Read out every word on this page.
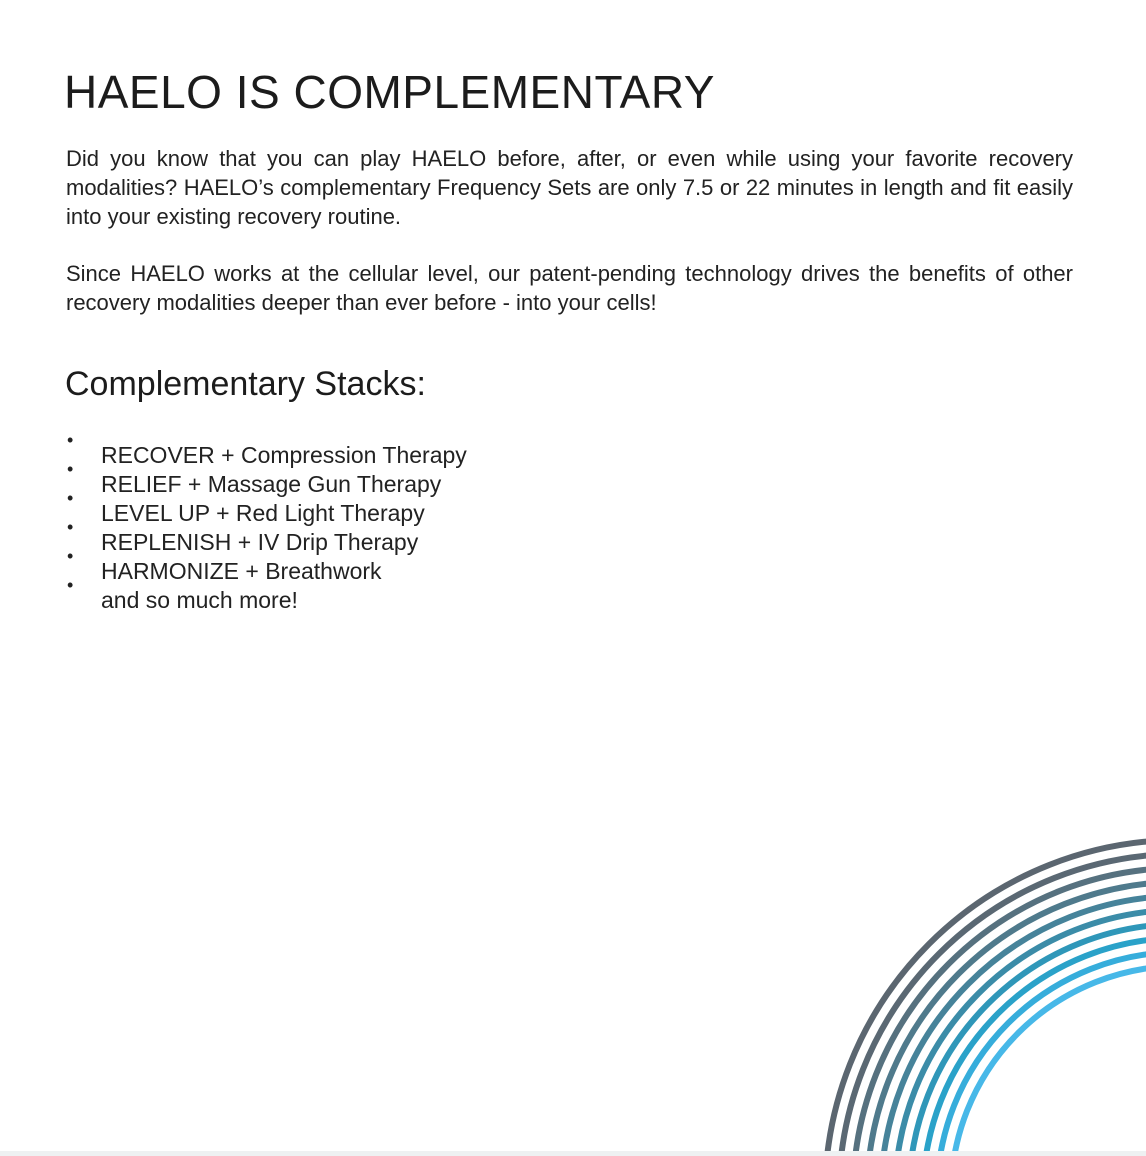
HAELO IS COMPLEMENTARY

Did you know that you can play HAELO before, after, or even while using your favorite recovery modalities? HAELO’s complementary Frequency Sets are only 7.5 or 22 minutes in length and fit easily into your existing recovery routine.

Since HAELO works at the cellular level, our patent-pending technology drives the benefits of other recovery modalities deeper than ever before - into your cells!

Complementary Stacks:
•
RECOVER + Compression Therapy
•
RELIEF + Massage Gun Therapy
•
LEVEL UP + Red Light Therapy
•
REPLENISH + IV Drip Therapy
•
HARMONIZE + Breathwork
•
and so much more!
